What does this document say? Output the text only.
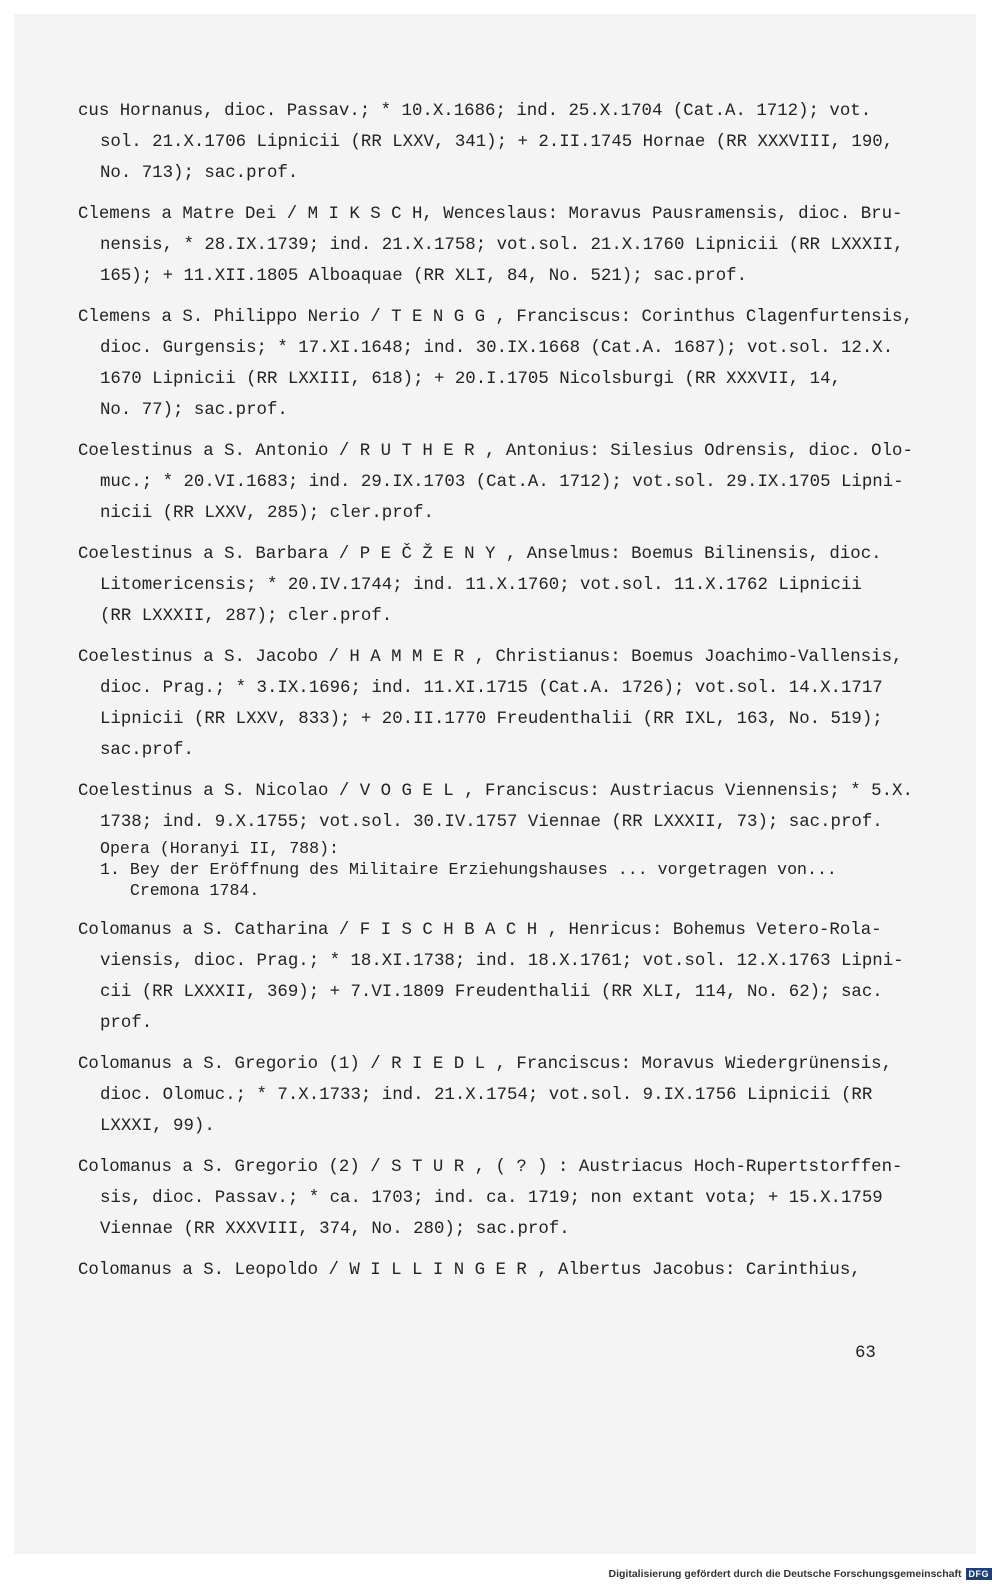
cus Hornanus, dioc. Passav.; * 10.X.1686; ind. 25.X.1704 (Cat.A. 1712); vot.
sol. 21.X.1706 Lipnicii (RR LXXV, 341); + 2.II.1745 Hornae (RR XXXVIII, 190,
No. 713); sac.prof.
Clemens a Matre Dei / M I K S C H, Wenceslaus: Moravus Pausramensis, dioc. Bru-
nensis, * 28.IX.1739; ind. 21.X.1758; vot.sol. 21.X.1760 Lipnicii (RR LXXXII,
165); + 11.XII.1805 Alboaquae (RR XLI, 84, No. 521); sac.prof.
Clemens a S. Philippo Nerio / T E N G G , Franciscus: Corinthus Clagenfurtensis,
dioc. Gurgensis; * 17.XI.1648; ind. 30.IX.1668 (Cat.A. 1687); vot.sol. 12.X.
1670 Lipnicii (RR LXXIII, 618); + 20.I.1705 Nicolsburgi (RR XXXVII, 14,
No. 77); sac.prof.
Coelestinus a S. Antonio / R U T H E R , Antonius: Silesius Odrensis, dioc. Olo-
muc.; * 20.VI.1683; ind. 29.IX.1703 (Cat.A. 1712); vot.sol. 29.IX.1705 Lipni-
nicii (RR LXXV, 285); cler.prof.
Coelestinus a S. Barbara / P E Č Ž E N Y , Anselmus: Boemus Bilinensis, dioc.
Litomericensis; * 20.IV.1744; ind. 11.X.1760; vot.sol. 11.X.1762 Lipnicii
(RR LXXXII, 287); cler.prof.
Coelestinus a S. Jacobo / H A M M E R , Christianus: Boemus Joachimo-Vallensis,
dioc. Prag.; * 3.IX.1696; ind. 11.XI.1715 (Cat.A. 1726); vot.sol. 14.X.1717
Lipnicii (RR LXXV, 833); + 20.II.1770 Freudenthalii (RR IXL, 163, No. 519);
sac.prof.
Coelestinus a S. Nicolao / V O G E L , Franciscus: Austriacus Viennensis; * 5.X.
1738; ind. 9.X.1755; vot.sol. 30.IV.1757 Viennae (RR LXXXII, 73); sac.prof.
Opera (Horanyi II, 788):
1. Bey der Eröffnung des Militaire Erziehungshauses ... vorgetragen von...
Cremona 1784.
Colomanus a S. Catharina / F I S C H B A C H , Henricus: Bohemus Vetero-Rola-
viensis, dioc. Prag.; * 18.XI.1738; ind. 18.X.1761; vot.sol. 12.X.1763 Lipni-
cii (RR LXXXII, 369); + 7.VI.1809 Freudenthalii (RR XLI, 114, No. 62); sac.
prof.
Colomanus a S. Gregorio (1) / R I E D L , Franciscus: Moravus Wiedergrünensis,
dioc. Olomuc.; * 7.X.1733; ind. 21.X.1754; vot.sol. 9.IX.1756 Lipnicii (RR
LXXXI, 99).
Colomanus a S. Gregorio (2) / S T U R , ( ? ) : Austriacus Hoch-Rupertstorffen-
sis, dioc. Passav.; * ca. 1703; ind. ca. 1719; non extant vota; + 15.X.1759
Viennae (RR XXXVIII, 374, No. 280); sac.prof.
Colomanus a S. Leopoldo / W I L L I N G E R , Albertus Jacobus: Carinthius,
63
Digitalisierung gefördert durch die Deutsche Forschungsgemeinschaft DFG
